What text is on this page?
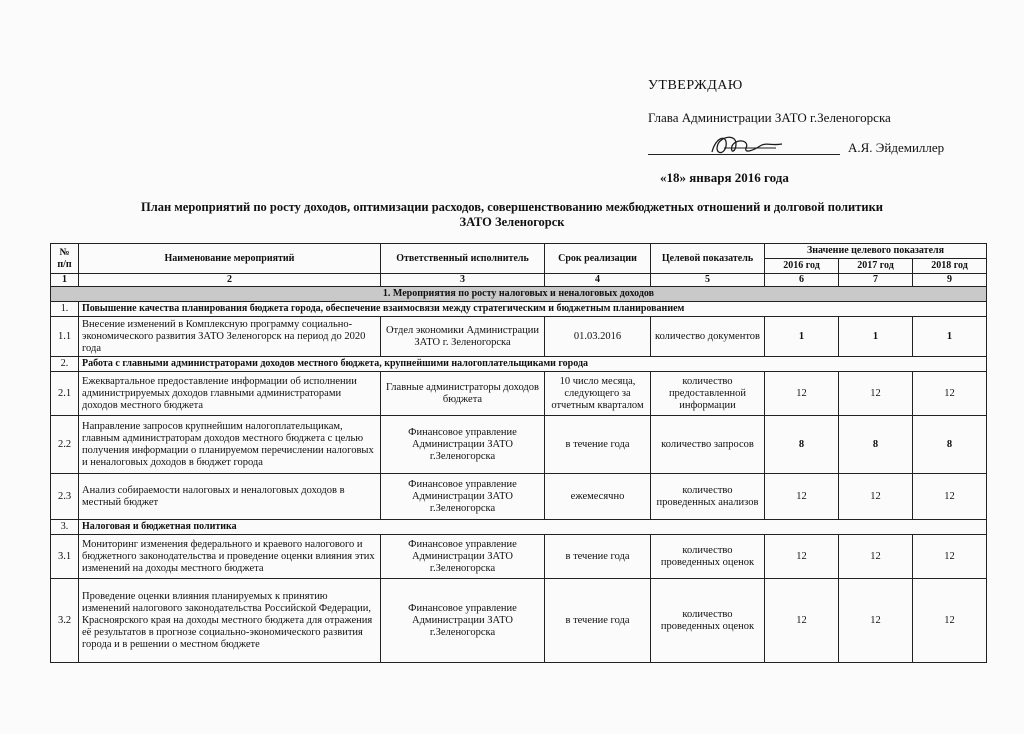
УТВЕРЖДАЮ
Глава Администрации ЗАТО г.Зеленогорска
А.Я. Эйдемиллер
«18» января 2016 года
План мероприятий по росту доходов, оптимизации расходов, совершенствованию межбюджетных отношений и долговой политики
ЗАТО Зеленогорск
№ п/п	Наименование мероприятий	Ответственный исполнитель	Срок реализации	Целевой показатель	Значение целевого показателя		
					2016 год	2017 год	2018 год
1	2	3	4	5	6	7	9
1. Мероприятия по росту налоговых и неналоговых доходов							
1.	Повышение качества планирования бюджета города, обеспечение взаимосвязи между стратегическим и бюджетным планированием						
1.1	Внесение изменений в Комплексную программу социально-экономического развития ЗАТО Зеленогорск на период до 2020 года	Отдел экономики Администрации ЗАТО г. Зеленогорска	01.03.2016	количество документов	1	1	1
2.	Работа с главными администраторами доходов местного бюджета, крупнейшими налогоплательщиками города						
2.1	Ежеквартальное предоставление информации об исполнении администрируемых доходов главными администраторами доходов местного бюджета	Главные администраторы доходов бюджета	10 число месяца, следующего за отчетным кварталом	количество предоставленной информации	12	12	12
2.2	Направление запросов крупнейшим налогоплательщикам, главным администраторам доходов местного бюджета с целью получения информации о планируемом перечислении налоговых и неналоговых доходов в бюджет города	Финансовое управление Администрации ЗАТО г.Зеленогорска	в течение года	количество запросов	8	8	8
2.3	Анализ собираемости налоговых и неналоговых доходов в местный бюджет	Финансовое управление Администрации ЗАТО г.Зеленогорска	ежемесячно	количество проведенных анализов	12	12	12
3.	Налоговая и бюджетная политика						
3.1	Мониторинг изменения федерального и краевого налогового и бюджетного законодательства и проведение оценки влияния этих изменений на доходы местного бюджета	Финансовое управление Администрации ЗАТО г.Зеленогорска	в течение года	количество проведенных оценок	12	12	12
3.2	Проведение оценки влияния планируемых к принятию изменений налогового законодательства Российской Федерации, Красноярского края на доходы местного бюджета для отражения её результатов в прогнозе социально-экономического развития города и в решении о местном бюджете	Финансовое управление Администрации ЗАТО г.Зеленогорска	в течение года	количество проведенных оценок	12	12	12
